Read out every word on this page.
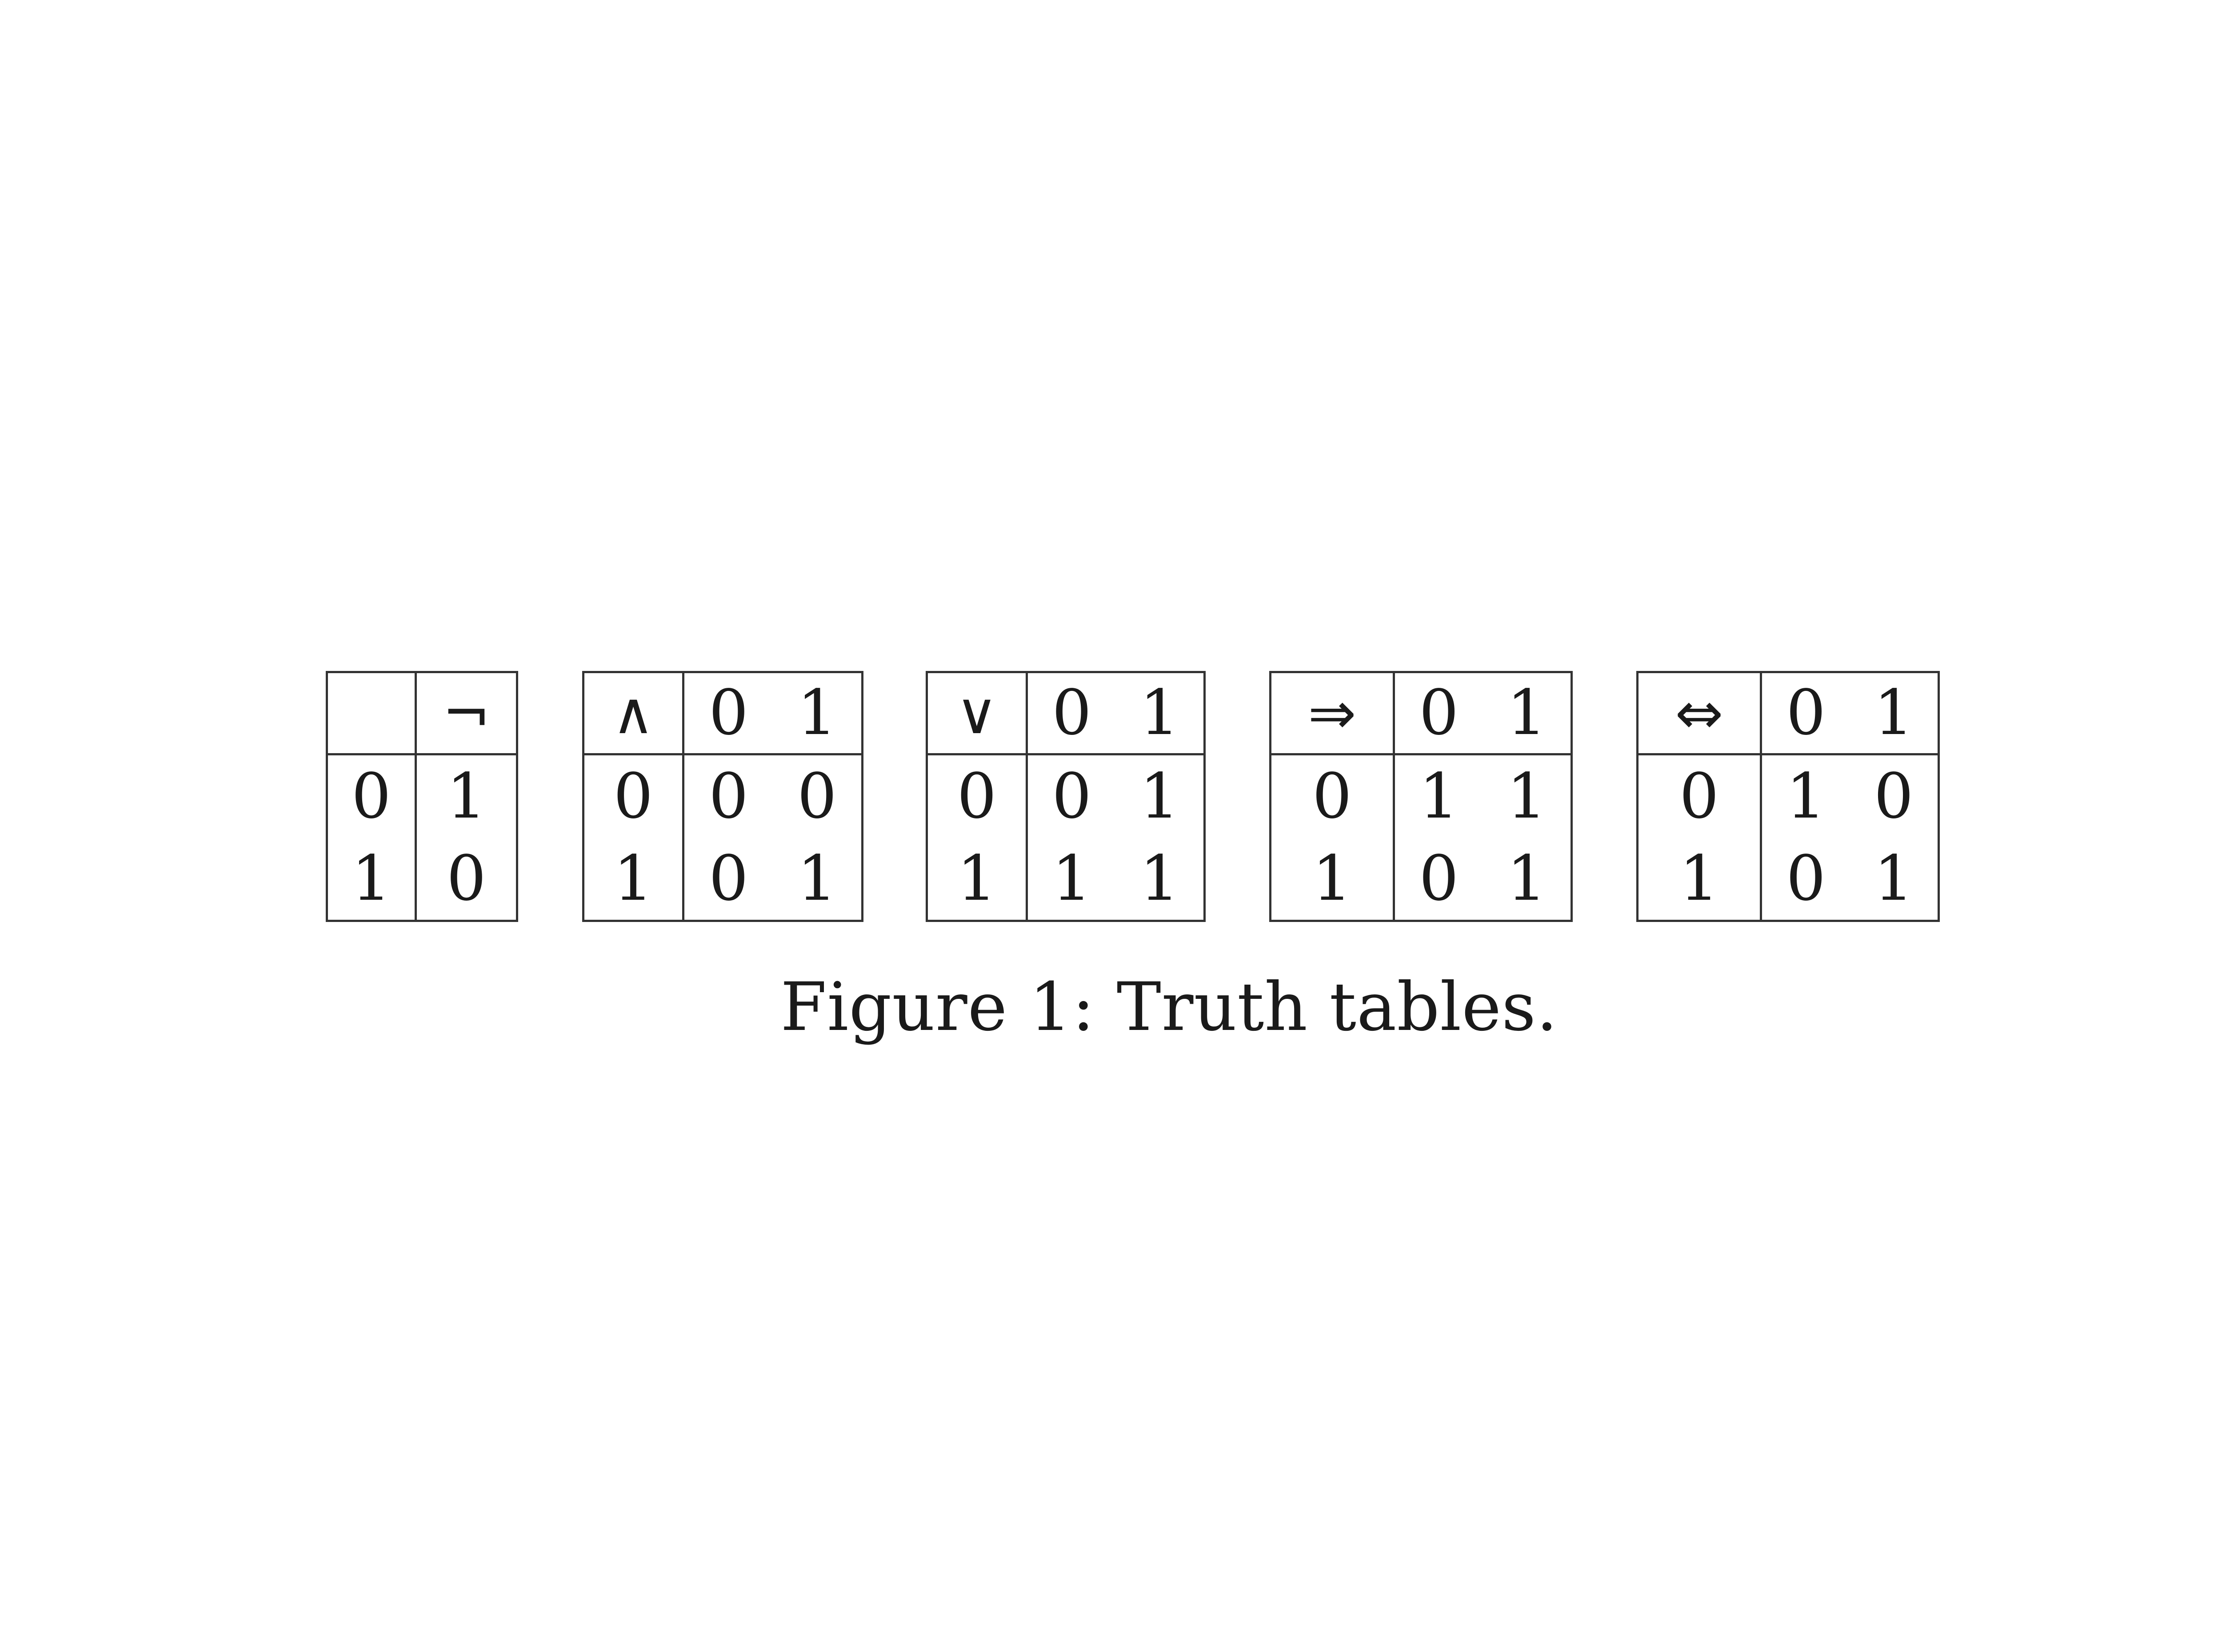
	¬
0	1
1	0
∧	0	1
0	0	0
1	0	1
∨	0	1
0	0	1
1	1	1
⇒	0	1
0	1	1
1	0	1
⇔	0	1
0	1	0
1	0	1
Figure 1: Truth tables.
